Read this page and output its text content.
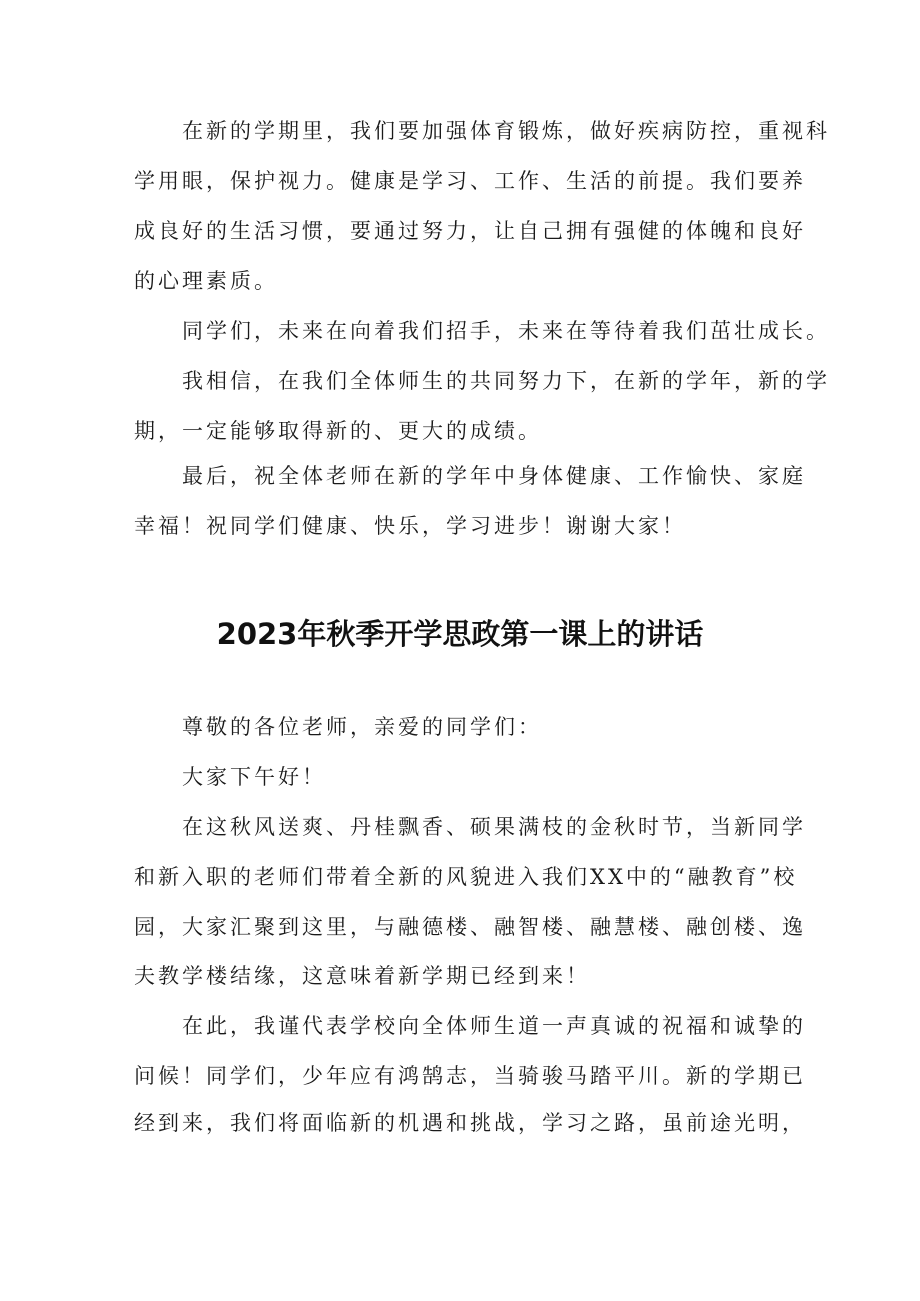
在新的学期里，我们要加强体育锻炼，做好疾病防控，重视科
学用眼，保护视力。健康是学习、工作、生活的前提。我们要养
成良好的生活习惯，要通过努力，让自己拥有强健的体魄和良好
的心理素质。
同学们，未来在向着我们招手，未来在等待着我们茁壮成长。
我相信，在我们全体师生的共同努力下，在新的学年，新的学
期，一定能够取得新的、更大的成绩。
最后，祝全体老师在新的学年中身体健康、工作愉快、家庭
幸福！祝同学们健康、快乐，学习进步！谢谢大家！
2023年秋季开学思政第一课上的讲话
尊敬的各位老师，亲爱的同学们：
大家下午好！
在这秋风送爽、丹桂飘香、硕果满枝的金秋时节，当新同学
和新入职的老师们带着全新的风貌进入我们XX中的“融教育”校
园，大家汇聚到这里，与融德楼、融智楼、融慧楼、融创楼、逸
夫教学楼结缘，这意味着新学期已经到来！
在此，我谨代表学校向全体师生道一声真诚的祝福和诚挚的
问候！同学们，少年应有鸿鹄志，当骑骏马踏平川。新的学期已
经到来，我们将面临新的机遇和挑战，学习之路，虽前途光明，
